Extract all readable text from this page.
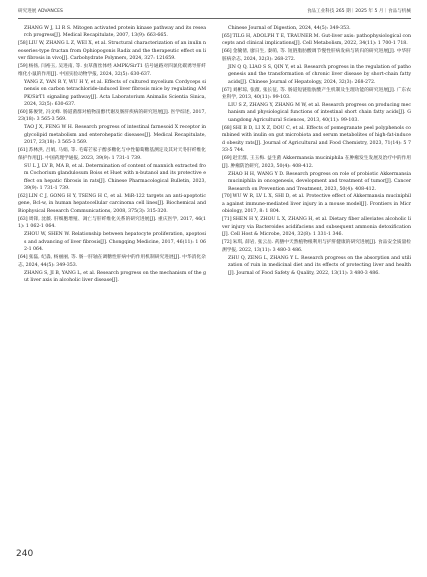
研究进展 ADVANCES	食品工业科技 265 期｜2025 年 5 月｜食品与机械
ZHANG W J, LI R S. Mitogen activated protein kinase pathway and its research progress[J]. Medical Recapitulate, 2007, 13(9): 663-665.
[58]LIU W, ZHANG L Z, WEI X, et al. Structural characterization of an inulin neoseries-type fructan from Ophiopogonis Radix and the therapeutic effect on liver fibrosis in vivo[J]. Carbohydrate Polymers, 2024, 327: 121659.
[59]杨扬, 闫裕玉, 吴进南, 等. 虫草菌丝体经 AMPK/SirT1 信号通路对四氯化碳诱导肝纤维化小鼠的作用[J]. 中国实验动物学报, 2024, 32(5): 630-637.
YANG Z, YAN R Y, WU H Y, et al. Effects of cultured mycelium Cordyceps sinensis on carbon tetrachloride-induced liver fibrosis mice by regulating AMPK/SirT1 signaling pathway[J]. Acta Laboratorium Animalis Scientia Sinica, 2024, 32(5): 630-637.
[60]陈俊贤, 冯文峰. 肠道菌群对植物甾醇代谢及肠肝疾病的研究进展[J]. 医学综述, 2017, 23(18): 3 565-3 569.
TAO J X, FENG W H. Research progress of intestinal farnesoid X receptor in glycolipid metabolism and enterohepatic diseases[J]. Medical Recapitulate, 2017, 23(18): 3 565-3 569.
[61]苏林洪, 吕娟, 马娟, 等. 毛霉芒家子醇多糖化与中性葡萄糖基测定及其对天冬肝纤维化保护作用[J]. 中国药理学通报, 2023, 39(9): 1 731-1 739.
SU L J, LV B, MA B, et al. Determination of content of mannich extracted from Cochorium glandulosum Boiss et Huet with n-butanol and its protective effect on hepatic fibrosis in rats[J]. Chinese Pharmacological Bulletin, 2023, 39(9): 1 731-1 739.
[62]LIN C J, GONG H Y, TSENG H C, et al. MiR-122 targets an anti-apoptotic gene, Bcl-w, in human hepatocellular carcinoma cell lines[J]. Biochemical and Biophysical Research Communications, 2008, 375(3): 315-320.
[63]周锋, 沈薇. 肝细胞增殖、凋亡与肝纤维化关系的研究进展[J]. 重庆医学, 2017, 46(11): 1 062-1 064.
ZHOU W, SHEN W. Relationship between hepatocyte proliferation, apoptosis and advancing of liver fibrosis[J]. Chongqing Medicine, 2017, 46(11): 1 062-1 064.
[64]张磊, 纪淼, 杨丽丽, 等. 肠一肝轴在调糖性肝病中的作用机制研究进展[J]. 中华消化杂志, 2024, 44(5): 349-353.
ZHANG S, JI B, YANG L, et al. Research progress on the mechanism of the gut liver axis in alcoholic liver disease[J].
Chinese Journal of Digestion, 2024, 44(5): 349-353.
[65]TILG H, ADOLPH T E, TRAUNER M. Gut-liver axis: pathophysiological concepts and clinical implications[J]. Cell Metabolism, 2022, 34(11): 1 700-1 718.
[66]金毓倩, 廖日生, 秦萌, 等. 短链脂肪酸调节慢性肝病发病与转归的研究进展[J]. 中华肝脏病杂志, 2024, 32(3): 268-272.
JIN Q Q, LIAO S S, QIN Y, et al. Research progress in the regulation of pathogenesis and the transformation of chronic liver disease by short-chain fatty acids[J]. Chinese Journal of Hepatology, 2024, 32(3): 268-272.
[67]刘彬琼, 张薇, 张长征, 等. 肠道短链脂肪酸产生机制及生理功能的研究进展[J]. 广东农业科学, 2013, 40(11): 99-103.
LIU S Z, ZHANG Y, ZHANG M W, et al. Research progress on producing mechanism and physiological functions of intestinal short chain fatty acids[J]. Guangdong Agricultural Sciences, 2013, 40(11): 99-103.
[68]SHI B D, LI X Z, DOU C, et al. Effects of pomegranate peel polyphenols combined with inulin on gut microbiota and serum metabolites of high-fat-induced obesity rats[J]. Journal of Agricultural and Food Chemistry, 2023, 71(14): 5 733-5 744.
[69]赵宏群, 王玉梅. 益生菌 Akkermansia muciniphila 在肿瘤发生发展及治疗中的作用[J]. 肿瘤防治研究, 2023, 50(4): 408-412.
ZHAO H H, WANG Y D. Research progress on role of probiotic Akkermansia muciniphila in oncogenesis, development and treatment of tumor[J]. Cancer Research on Prevention and Treatment, 2023, 50(4): 408-412.
[70]WU W R, LV L X, SHI D, et al. Protective effect of Akkermansia muciniphila against immune-mediated liver injury in a mouse model[J]. Frontiers in Microbiology, 2017, 8: 1 804.
[71]SHEN H Y, ZHOU L X, ZHANG H, et al. Dietary fiber alleviates alcoholic liver injury via Bacteroides acidifaciens and subsequent ammonia detoxification[J]. Cell Host & Microbe, 2024, 32(8): 1 331-1 346.
[72]朱琪, 薛岩, 张云岳. 药膳中天然植物根利用与护肝健康的研究进展[J]. 食品安全质量检测学报, 2022, 13(11): 3 480-3 486.
ZHU Q, ZENG L, ZHANG Y L. Research progress on the absorption and utilization of ruin in medicinal diet and its effects of protecting liver and health[J]. Journal of Food Safety & Quality, 2022, 13(11): 3 480-3 486.
240
